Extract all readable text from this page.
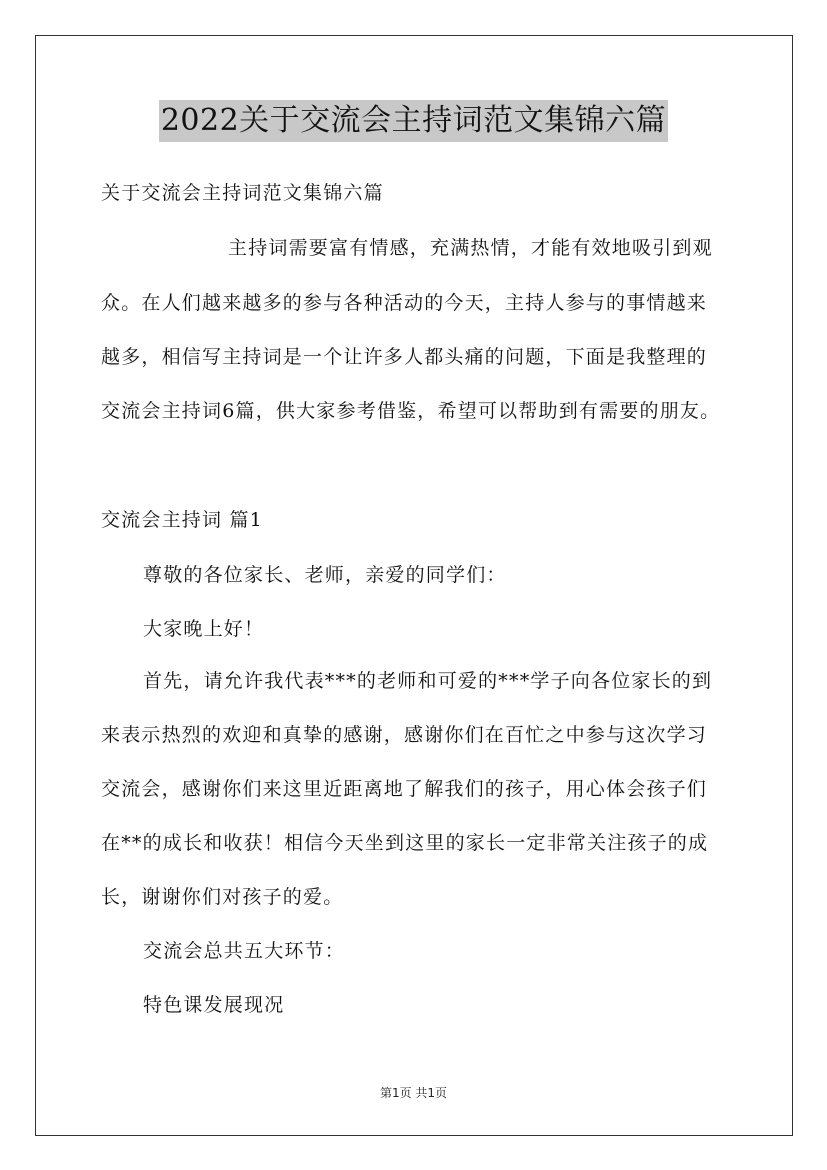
2022关于交流会主持词范文集锦六篇
关于交流会主持词范文集锦六篇
主持词需要富有情感，充满热情，才能有效地吸引到观
众。在人们越来越多的参与各种活动的今天，主持人参与的事情越来
越多，相信写主持词是一个让许多人都头痛的问题，下面是我整理的
交流会主持词6篇，供大家参考借鉴，希望可以帮助到有需要的朋友。
交流会主持词 篇1
尊敬的各位家长、老师，亲爱的同学们：
大家晚上好！
首先，请允许我代表***的老师和可爱的***学子向各位家长的到
来表示热烈的欢迎和真挚的感谢，感谢你们在百忙之中参与这次学习
交流会，感谢你们来这里近距离地了解我们的孩子，用心体会孩子们
在**的成长和收获！相信今天坐到这里的家长一定非常关注孩子的成
长，谢谢你们对孩子的爱。
交流会总共五大环节：
特色课发展现况
第1页 共1页
